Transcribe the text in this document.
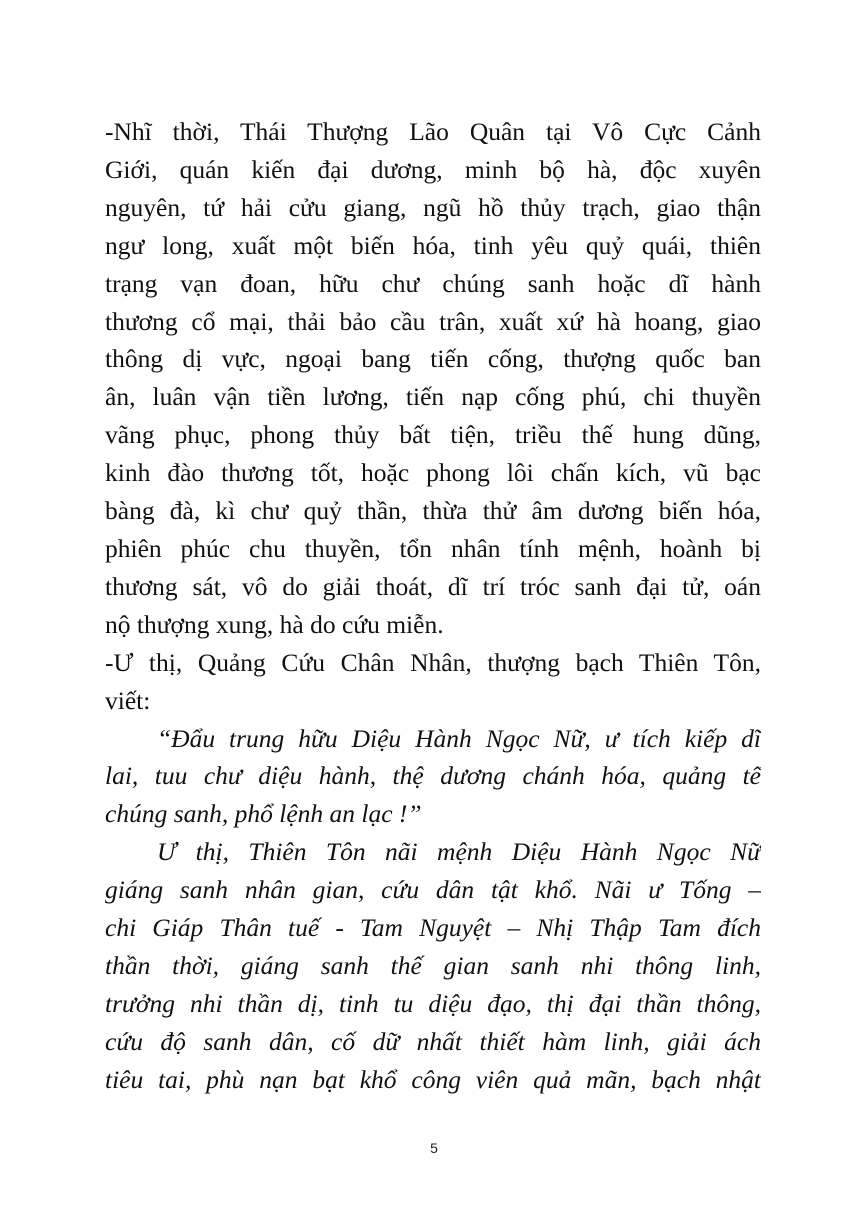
-Nhĩ thời, Thái Thượng Lão Quân tại Vô Cực Cảnh
Giới, quán kiến đại dương, minh bộ hà, độc xuyên
nguyên, tứ hải cửu giang, ngũ hồ thủy trạch, giao thận
ngư long, xuất một biến hóa, tinh yêu quỷ quái, thiên
trạng vạn đoan, hữu chư chúng sanh hoặc dĩ hành
thương cổ mại, thải bảo cầu trân, xuất xứ hà hoang, giao
thông dị vực, ngoại bang tiến cống, thượng quốc ban
ân, luân vận tiền lương, tiến nạp cống phú, chi thuyền
vãng phục, phong thủy bất tiện, triều thế hung dũng,
kinh đào thương tốt, hoặc phong lôi chấn kích, vũ bạc
bàng đà, kì chư quỷ thần, thừa thử âm dương biến hóa,
phiên phúc chu thuyền, tổn nhân tính mệnh, hoành bị
thương sát, vô do giải thoát, dĩ trí tróc sanh đại tử, oán
nộ thượng xung, hà do cứu miễn.
-Ư thị, Quảng Cứu Chân Nhân, thượng bạch Thiên Tôn,
viết:
“Đẩu trung hữu Diệu Hành Ngọc Nữ, ư tích kiếp dĩ
lai, tuu chư diệu hành, thệ dương chánh hóa, quảng tế
chúng sanh, phổ lệnh an lạc !”
Ư thị, Thiên Tôn nãi mệnh Diệu Hành Ngọc Nữ
giáng sanh nhân gian, cứu dân tật khổ. Nãi ư Tống –
chi Giáp Thân tuế - Tam Nguyệt – Nhị Thập Tam đích
thần thời, giáng sanh thế gian sanh nhi thông linh,
trưởng nhi thần dị, tinh tu diệu đạo, thị đại thần thông,
cứu độ sanh dân, cố dữ nhất thiết hàm linh, giải ách
tiêu tai, phù nạn bạt khổ công viên quả mãn, bạch nhật
5
